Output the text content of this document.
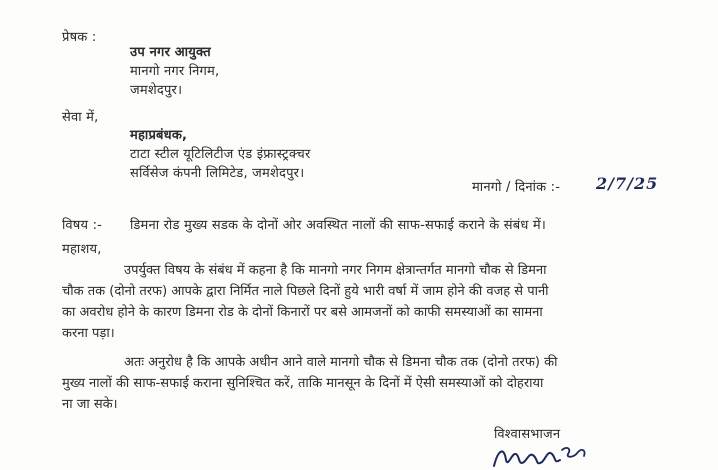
प्रेषक :
उप नगर आयुक्त
मानगो नगर निगम,
जमशेदपुर।
सेवा में,
महाप्रबंधक,
टाटा स्टील यूटिलिटीज एंड इंफ्रास्ट्रक्चर
सर्विसेज कंपनी लिमिटेड, जमशेदपुर।
मानगो / दिनांक :- 2/7/25
विषय :- डिमना रोड मुख्य सडक के दोनों ओर अवस्थित नालों की साफ-सफाई कराने के संबंध में।
महाशय,
उपर्युक्त विषय के संबंध में कहना है कि मानगो नगर निगम क्षेत्रान्तर्गत मानगो चौक से डिमना
चौक तक (दोनो तरफ) आपके द्वारा निर्मित नाले पिछले दिनों हुये भारी वर्षा में जाम होने की वजह से पानी
का अवरोध होने के कारण डिमना रोड के दोनों किनारों पर बसे आमजनों को काफी समस्याओं का सामना
करना पड़ा।
अतः अनुरोध है कि आपके अधीन आने वाले मानगो चौक से डिमना चौक तक (दोनो तरफ) की
मुख्य नालों की साफ-सफाई कराना सुनिश्चित करें, ताकि मानसून के दिनों में ऐसी समस्याओं को दोहराया
ना जा सके।
विश्वासभाजन
